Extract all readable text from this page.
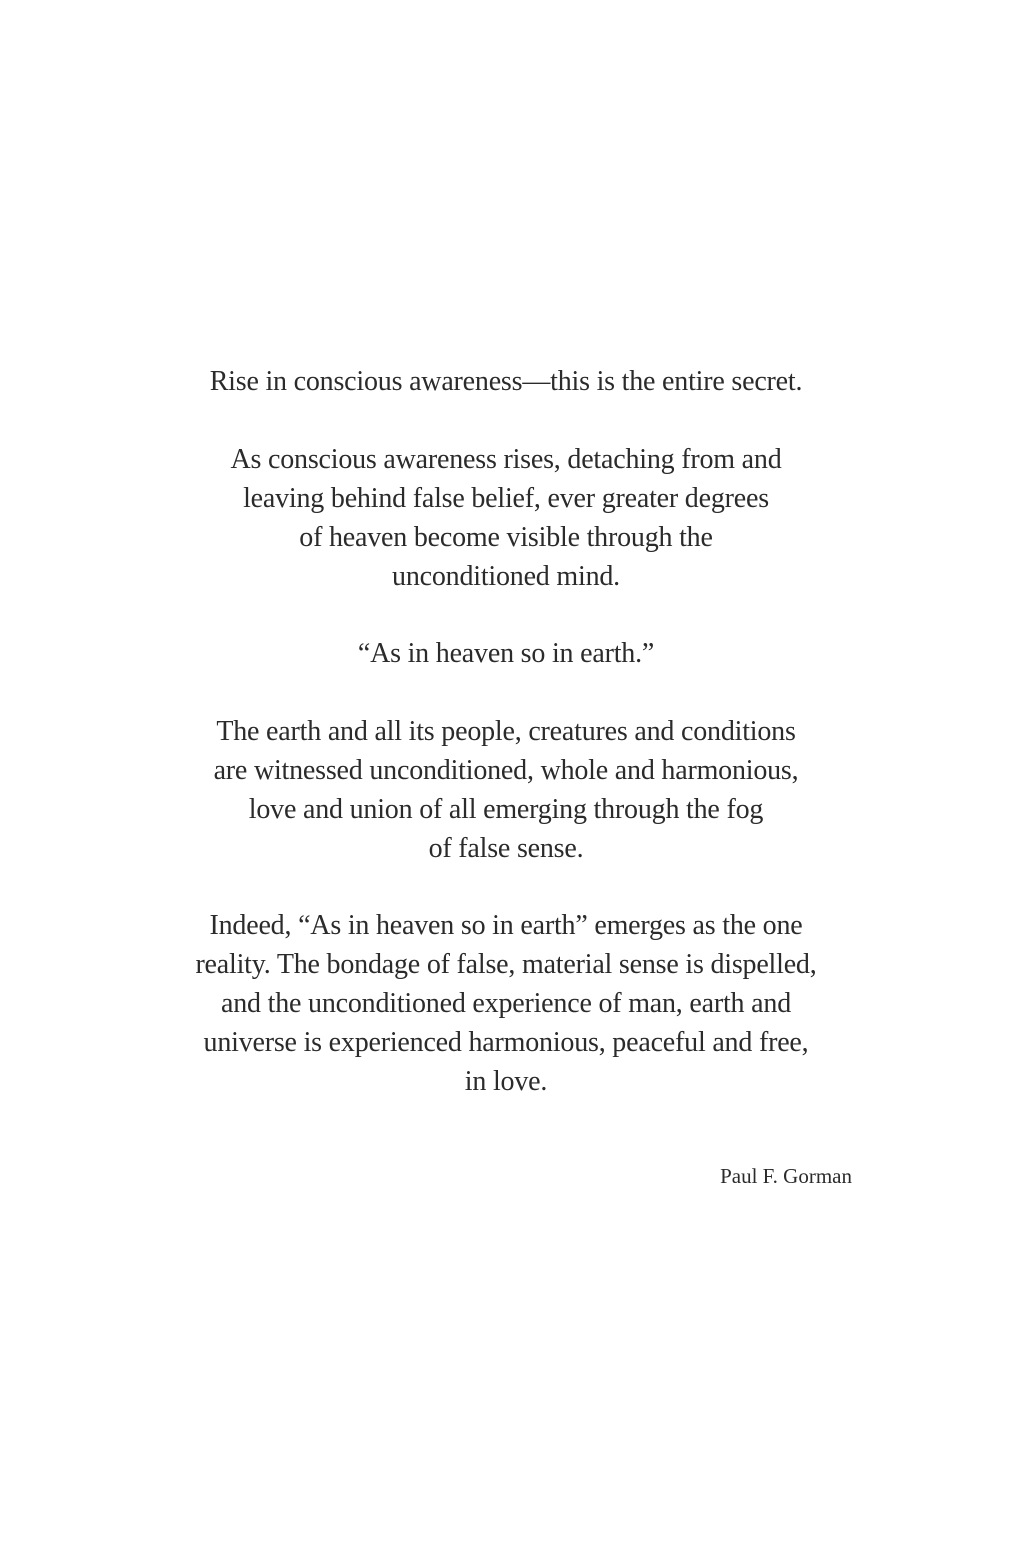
Rise in conscious awareness—this is the entire secret.
As conscious awareness rises, detaching from and
leaving behind false belief, ever greater degrees
of heaven become visible through the
unconditioned mind.
“As in heaven so in earth.”
The earth and all its people, creatures and conditions
are witnessed unconditioned, whole and harmonious,
love and union of all emerging through the fog
of false sense.
Indeed, “As in heaven so in earth” emerges as the one
reality. The bondage of false, material sense is dispelled,
and the unconditioned experience of man, earth and
universe is experienced harmonious, peaceful and free,
in love.
Paul F. Gorman
